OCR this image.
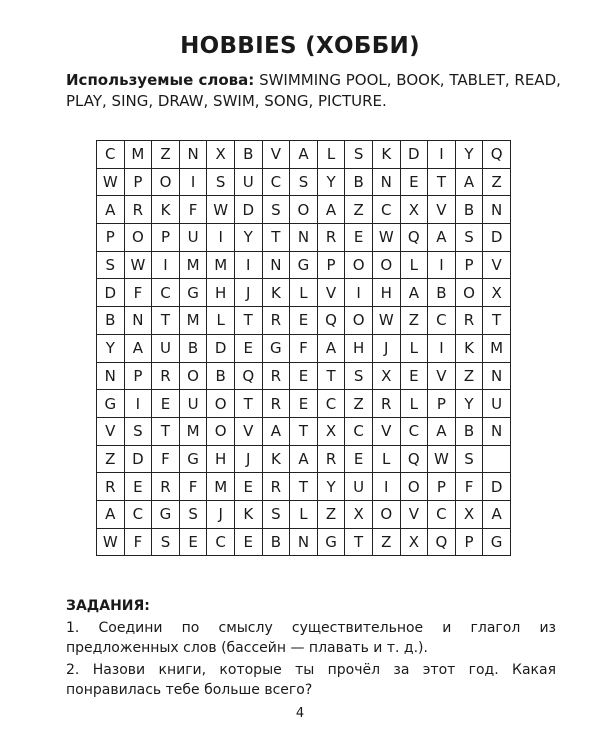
HOBBIES (ХОББИ)
Используемые слова: SWIMMING POOL, BOOK, TABLET, READ, PLAY, SING, DRAW, SWIM, SONG, PICTURE.
C	M	Z	N	X	B	V	A	L	S	K	D	I	Y	Q
W	P	O	I	S	U	C	S	Y	B	N	E	T	A	Z
A	R	K	F	W	D	S	O	A	Z	C	X	V	B	N
P	O	P	U	I	Y	T	N	R	E	W	Q	A	S	D
S	W	I	M	M	I	N	G	P	O	O	L	I	P	V
D	F	C	G	H	J	K	L	V	I	H	A	B	O	X
B	N	T	M	L	T	R	E	Q	O	W	Z	C	R	T
Y	A	U	B	D	E	G	F	A	H	J	L	I	K	M
N	P	R	O	B	Q	R	E	T	S	X	E	V	Z	N
G	I	E	U	O	T	R	E	C	Z	R	L	P	Y	U
V	S	T	M	O	V	A	T	X	C	V	C	A	B	N
Z	D	F	G	H	J	K	A	R	E	L	Q	W	S	
R	E	R	F	M	E	R	T	Y	U	I	O	P	F	D
A	C	G	S	J	K	S	L	Z	X	O	V	C	X	A
W	F	S	E	C	E	B	N	G	T	Z	X	Q	P	G
ЗАДАНИЯ:
1. Соедини по смыслу существительное и глагол из предложенных слов (бассейн — плавать и т. д.).
2. Назови книги, которые ты прочёл за этот год. Какая понравилась тебе больше всего?
4
